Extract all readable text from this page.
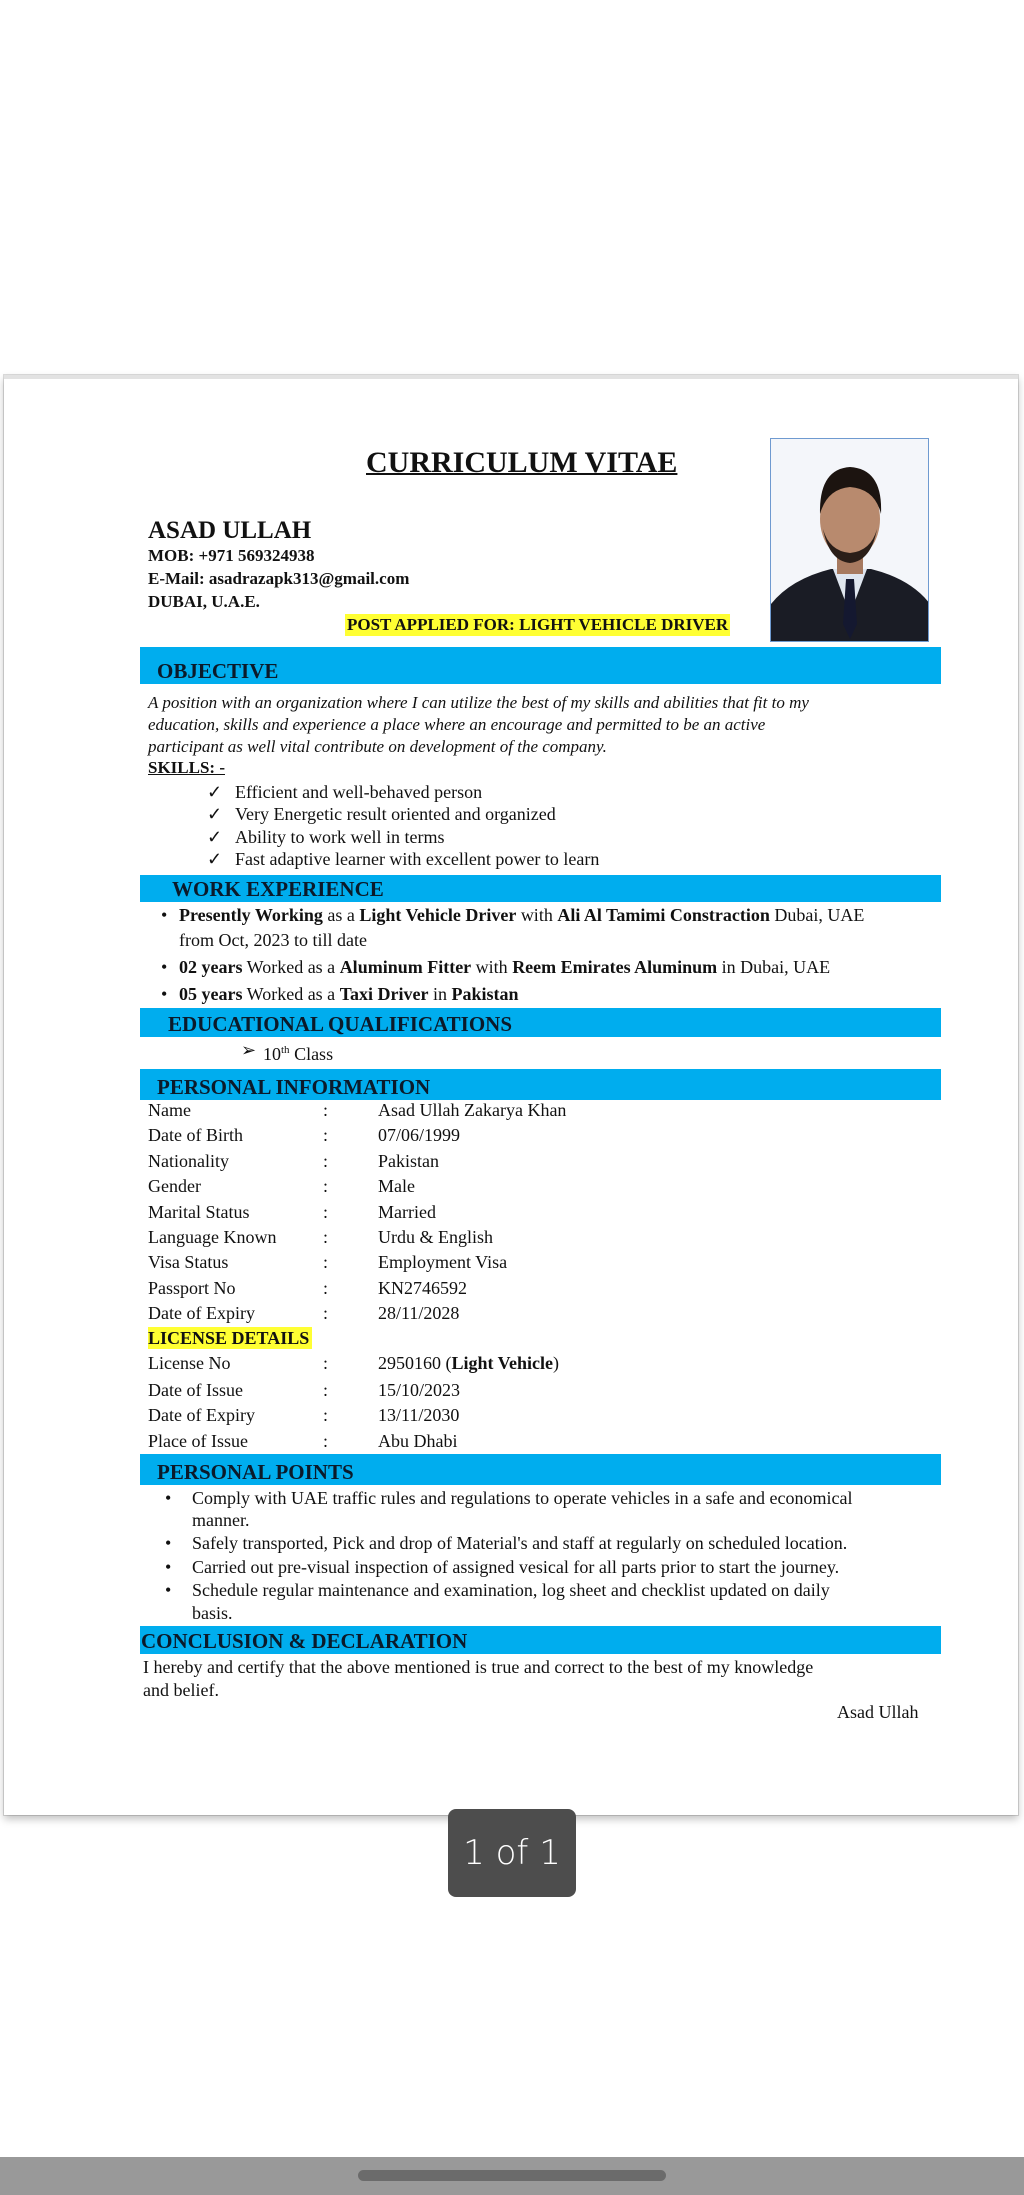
CURRICULUM VITAE
ASAD ULLAH
MOB: +971 569324938
E-Mail: asadrazapk313@gmail.com
DUBAI, U.A.E.
POST APPLIED FOR: LIGHT VEHICLE DRIVER
OBJECTIVE
A position with an organization where I can utilize the best of my skills and abilities that fit to my
education, skills and experience a place where an encourage and permitted to be an active
participant as well vital contribute on development of the company.
SKILLS: -
✓ Efficient and well-behaved person
✓ Very Energetic result oriented and organized
✓ Ability to work well in terms
✓ Fast adaptive learner with excellent power to learn
WORK EXPERIENCE
• Presently Working as a Light Vehicle Driver with Ali Al Tamimi Constraction Dubai, UAE
from Oct, 2023 to till date
• 02 years Worked as a Aluminum Fitter with Reem Emirates Aluminum in Dubai, UAE
• 05 years Worked as a Taxi Driver in Pakistan
EDUCATIONAL QUALIFICATIONS
➢ 10th Class
PERSONAL INFORMATION
Name	:	Asad Ullah Zakarya Khan
Date of Birth	:	07/06/1999
Nationality	:	Pakistan
Gender	:	Male
Marital Status	:	Married
Language Known	:	Urdu & English
Visa Status	:	Employment Visa
Passport No	:	KN2746592
Date of Expiry	:	28/11/2028
LICENSE DETAILS
License No	:	2950160 (Light Vehicle)
Date of Issue	:	15/10/2023
Date of Expiry	:	13/11/2030
Place of Issue	:	Abu Dhabi
PERSONAL POINTS
• Comply with UAE traffic rules and regulations to operate vehicles in a safe and economical
manner.
• Safely transported, Pick and drop of Material's and staff at regularly on scheduled location.
• Carried out pre-visual inspection of assigned vesical for all parts prior to start the journey.
• Schedule regular maintenance and examination, log sheet and checklist updated on daily
basis.
CONCLUSION & DECLARATION
I hereby and certify that the above mentioned is true and correct to the best of my knowledge
and belief.
Asad Ullah
1 of 1
